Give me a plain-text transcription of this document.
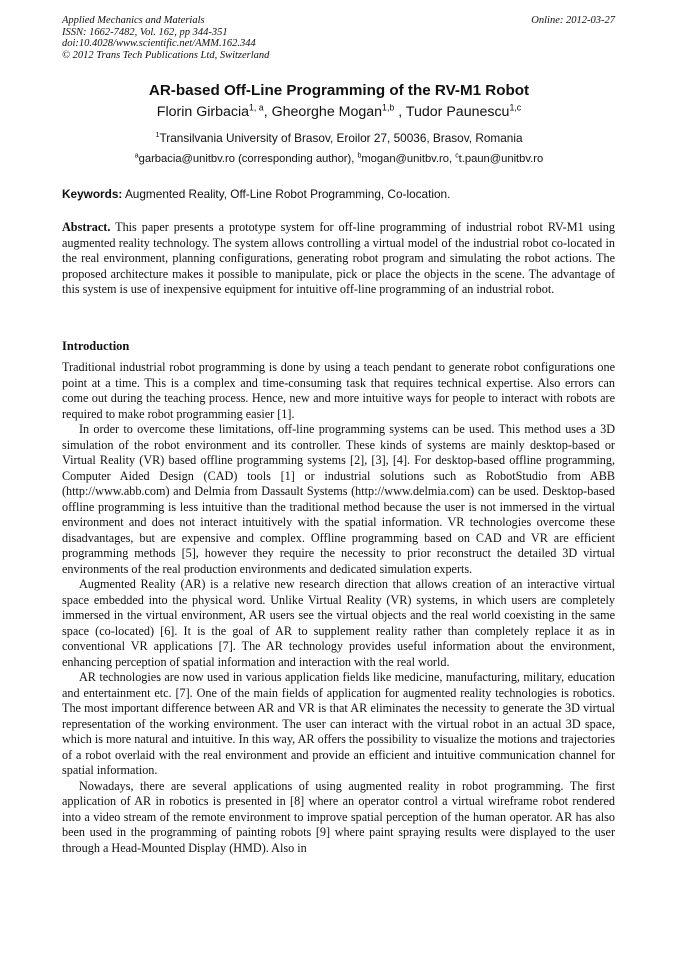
Applied Mechanics and Materials
ISSN: 1662-7482, Vol. 162, pp 344-351
doi:10.4028/www.scientific.net/AMM.162.344
© 2012 Trans Tech Publications Ltd, Switzerland
Online: 2012-03-27
AR-based Off-Line Programming of the RV-M1 Robot
Florin Girbacia$^{1, a}$, Gheorghe Mogan$^{1,b}$ , Tudor Paunescu$^{1,c}$
$^1$Transilvania University of Brasov, Eroilor 27, 50036, Brasov, Romania
$^a$garbacia@unitbv.ro (corresponding author), $^b$mogan@unitbv.ro, $^c$t.paun@unitbv.ro
Keywords: Augmented Reality, Off-Line Robot Programming, Co-location.

Abstract. This paper presents a prototype system for off-line programming of industrial robot RV-M1 using augmented reality technology. The system allows controlling a virtual model of the industrial robot co-located in the real environment, planning configurations, generating robot program and simulating the robot actions. The proposed architecture makes it possible to manipulate, pick or place the objects in the scene. The advantage of this system is use of inexpensive equipment for intuitive off-line programming of an industrial robot.

Introduction

Traditional industrial robot programming is done by using a teach pendant to generate robot configurations one point at a time. This is a complex and time-consuming task that requires technical expertise. Also errors can come out during the teaching process. Hence, new and more intuitive ways for people to interact with robots are required to make robot programming easier [1].

In order to overcome these limitations, off-line programming systems can be used. This method uses a 3D simulation of the robot environment and its controller. These kinds of systems are mainly desktop-based or Virtual Reality (VR) based offline programming systems [2], [3], [4]. For desktop-based offline programming, Computer Aided Design (CAD) tools [1] or industrial solutions such as RobotStudio from ABB (http://www.abb.com) and Delmia from Dassault Systems (http://www.delmia.com) can be used. Desktop-based offline programming is less intuitive than the traditional method because the user is not immersed in the virtual environment and does not interact intuitively with the spatial information. VR technologies overcome these disadvantages, but are expensive and complex. Offline programming based on CAD and VR are efficient programming methods [5], however they require the necessity to prior reconstruct the detailed 3D virtual environments of the real production environments and dedicated simulation experts.

Augmented Reality (AR) is a relative new research direction that allows creation of an interactive virtual space embedded into the physical word. Unlike Virtual Reality (VR) systems, in which users are completely immersed in the virtual environment, AR users see the virtual objects and the real world coexisting in the same space (co-located) [6]. It is the goal of AR to supplement reality rather than completely replace it as in conventional VR applications [7]. The AR technology provides useful information about the environment, enhancing perception of spatial information and interaction with the real world.

AR technologies are now used in various application fields like medicine, manufacturing, military, education and entertainment etc. [7]. One of the main fields of application for augmented reality technologies is robotics. The most important difference between AR and VR is that AR eliminates the necessity to generate the 3D virtual representation of the working environment. The user can interact with the virtual robot in an actual 3D space, which is more natural and intuitive. In this way, AR offers the possibility to visualize the motions and trajectories of a robot overlaid with the real environment and provide an efficient and intuitive communication channel for spatial information.

Nowadays, there are several applications of using augmented reality in robot programming. The first application of AR in robotics is presented in [8] where an operator control a virtual wireframe robot rendered into a video stream of the remote environment to improve spatial perception of the human operator. AR has also been used in the programming of painting robots [9] where paint spraying results were displayed to the user through a Head-Mounted Display (HMD). Also in
